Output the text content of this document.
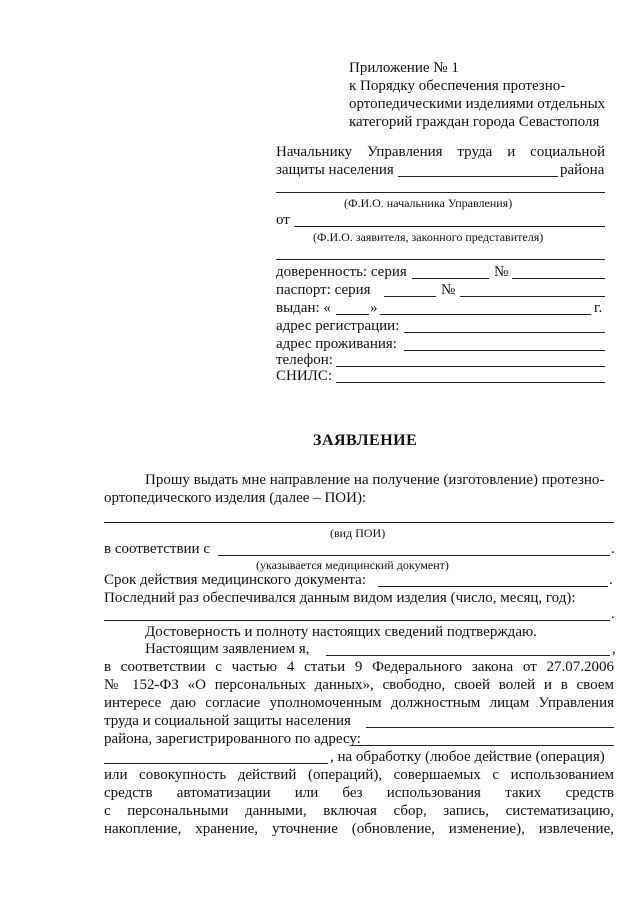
Приложение № 1
к Порядку обеспечения протезно-
ортопедическими изделиями отдельных
категорий граждан города Севастополя
Начальнику Управления труда и социальной
защиты населения	района
(Ф.И.О. начальника Управления)
от
(Ф.И.О. заявителя, законного представителя)
доверенность: серия	№
паспорт: серия	№
выдан: «	»	г.
адрес регистрации:
адрес проживания:
телефон:
СНИЛС:
ЗАЯВЛЕНИЕ
Прошу выдать мне направление на получение (изготовление) протезно-
ортопедического изделия (далее – ПОИ):
(вид ПОИ)
в соответствии с	.
(указывается медицинский документ)
Срок действия медицинского документа:	.
Последний раз обеспечивался данным видом изделия (число, месяц, год):
.
Достоверность и полноту настоящих сведений подтверждаю.
Настоящим заявлением я,	,
в соответствии с частью 4 статьи 9 Федерального закона от 27.07.2006
№ 152-ФЗ «О персональных данных», свободно, своей волей и в своем
интересе даю согласие уполномоченным должностным лицам Управления
труда и социальной защиты населения
района, зарегистрированного по адресу:
, на обработку (любое действие (операция)
или совокупность действий (операций), совершаемых с использованием
средств автоматизации или без использования таких средств
с персональными данными, включая сбор, запись, систематизацию,
накопление, хранение, уточнение (обновление, изменение), извлечение,
